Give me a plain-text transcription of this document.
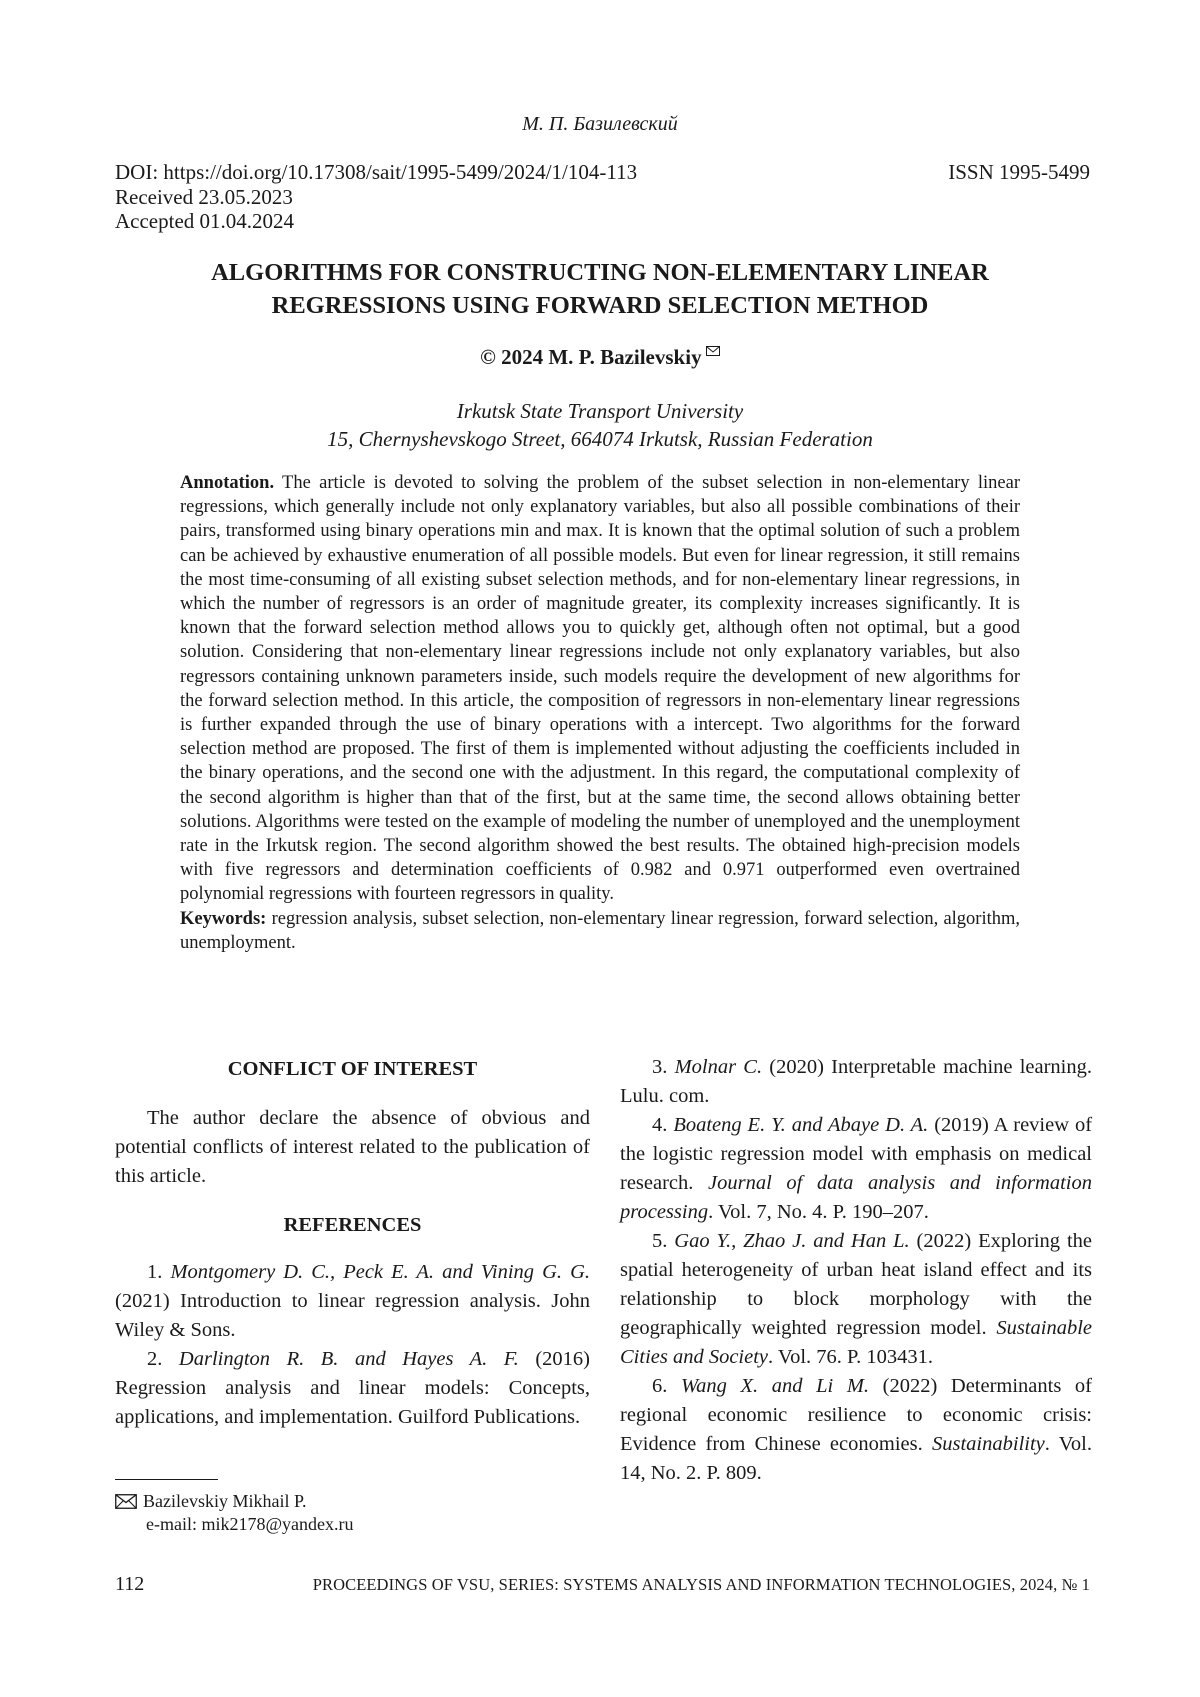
М. П. Базилевский
DOI: https://doi.org/10.17308/sait/1995-5499/2024/1/104-113
Received 23.05.2023
Accepted 01.04.2024
ISSN 1995-5499
ALGORITHMS FOR CONSTRUCTING NON-ELEMENTARY LINEAR
REGRESSIONS USING FORWARD SELECTION METHOD
© 2024 M. P. Bazilevskiy
Irkutsk State Transport University
15, Chernyshevskogo Street, 664074 Irkutsk, Russian Federation
Annotation. The article is devoted to solving the problem of the subset selection in non-elementary linear regressions, which generally include not only explanatory variables, but also all possible combinations of their pairs, transformed using binary operations min and max. It is known that the optimal solution of such a problem can be achieved by exhaustive enumeration of all possible models. But even for linear regression, it still remains the most time-consuming of all existing subset selection methods, and for non-elementary linear regressions, in which the number of regressors is an order of magnitude greater, its complexity increases significantly. It is known that the forward selection method allows you to quickly get, although often not optimal, but a good solution. Considering that non-elementary linear regressions include not only explanatory variables, but also regressors containing unknown parameters inside, such models require the development of new algorithms for the forward selection method. In this article, the composition of regressors in non-elementary linear regressions is further expanded through the use of binary operations with a intercept. Two algorithms for the forward selection method are proposed. The first of them is implemented without adjusting the coefficients included in the binary operations, and the second one with the adjustment. In this regard, the computational complexity of the second algorithm is higher than that of the first, but at the same time, the second allows obtaining better solutions. Algorithms were tested on the example of modeling the number of unemployed and the unemployment rate in the Irkutsk region. The second algorithm showed the best results. The obtained high-precision models with five regressors and determination coefficients of 0.982 and 0.971 outperformed even overtrained polynomial regressions with fourteen regressors in quality.
Keywords: regression analysis, subset selection, non-elementary linear regression, forward selection, algorithm, unemployment.

CONFLICT OF INTEREST

The author declare the absence of obvious and potential conflicts of interest related to the publication of this article.

REFERENCES

1. Montgomery D. C., Peck E. A. and Vining G. G. (2021) Introduction to linear regression analysis. John Wiley & Sons.

2. Darlington R. B. and Hayes A. F. (2016) Regression analysis and linear models: Concepts, applications, and implementation. Guilford Publications.

3. Molnar C. (2020) Interpretable machine learning. Lulu. com.

4. Boateng E. Y. and Abaye D. A. (2019) A review of the logistic regression model with emphasis on medical research. Journal of data analysis and information processing. Vol. 7, No. 4. P. 190–207.

5. Gao Y., Zhao J. and Han L. (2022) Exploring the spatial heterogeneity of urban heat island effect and its relationship to block morphology with the geographically weighted regression model. Sustainable Cities and Society. Vol. 76. P. 103431.

6. Wang X. and Li M. (2022) Determinants of regional economic resilience to economic crisis: Evidence from Chinese economies. Sustainability. Vol. 14, No. 2. P. 809.

Bazilevskiy Mikhail P.
e-mail: mik2178@yandex.ru
112	PROCEEDINGS OF VSU, SERIES: SYSTEMS ANALYSIS AND INFORMATION TECHNOLOGIES, 2024, № 1
